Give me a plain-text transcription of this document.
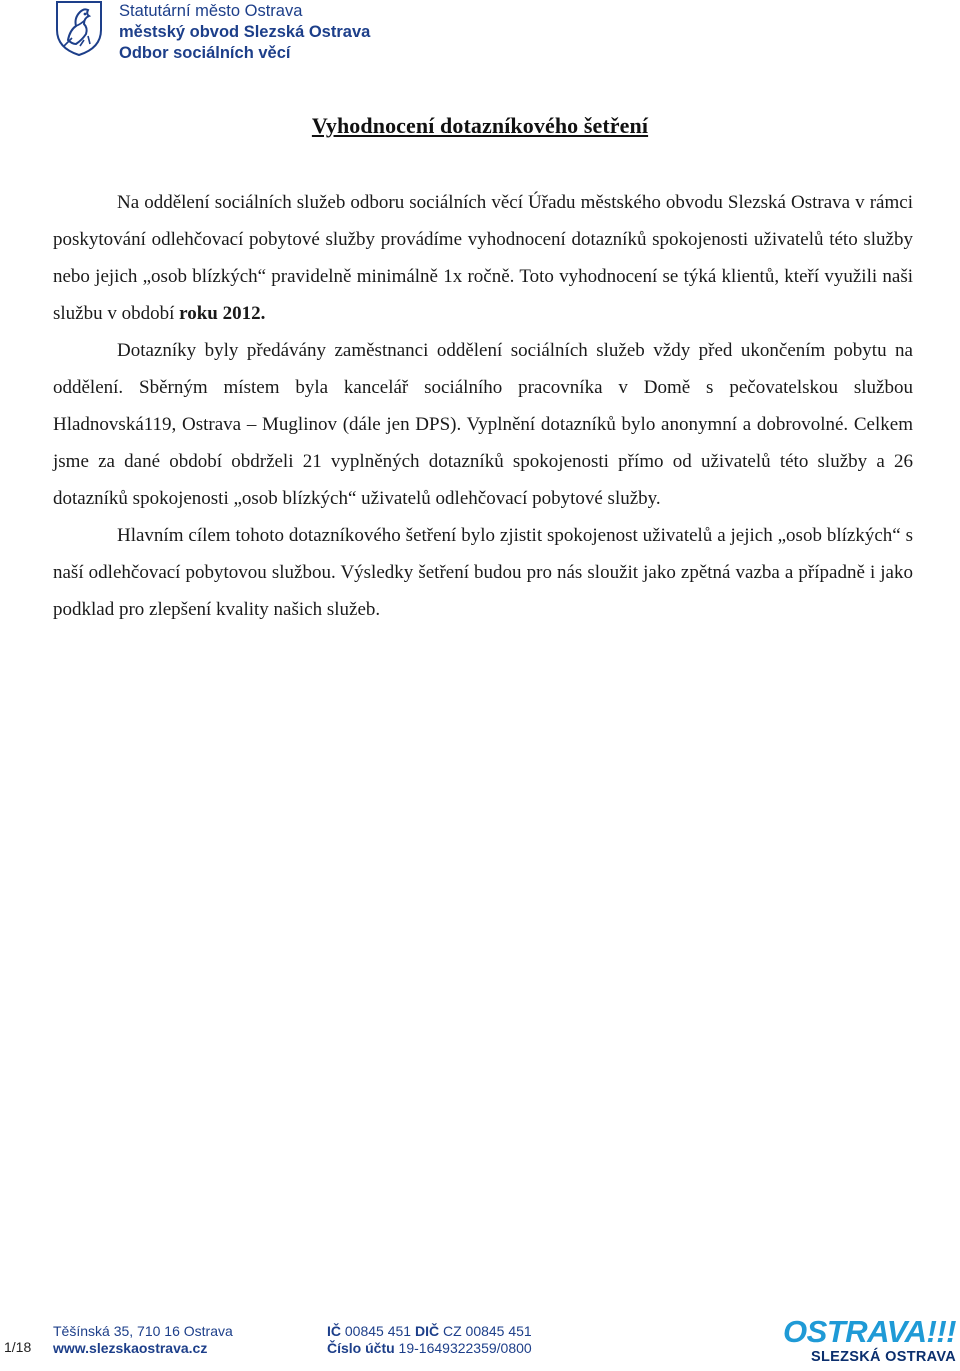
Statutární město Ostrava
městský obvod Slezská Ostrava
Odbor sociálních věcí
Vyhodnocení dotazníkového šetření

Na oddělení sociálních služeb odboru sociálních věcí Úřadu městského obvodu Slezská Ostrava v rámci poskytování odlehčovací pobytové služby provádíme vyhodnocení dotazníků spokojenosti uživatelů této služby nebo jejich „osob blízkých“ pravidelně minimálně 1x ročně. Toto vyhodnocení se týká klientů, kteří využili naši službu v období roku 2012.

Dotazníky byly předávány zaměstnanci oddělení sociálních služeb vždy před ukončením pobytu na oddělení. Sběrným místem byla kancelář sociálního pracovníka v Domě s pečovatelskou službou Hladnovská119, Ostrava – Muglinov (dále jen DPS). Vyplnění dotazníků bylo anonymní a dobrovolné. Celkem jsme za dané období obdrželi 21 vyplněných dotazníků spokojenosti přímo od uživatelů této služby a 26 dotazníků spokojenosti „osob blízkých“ uživatelů odlehčovací pobytové služby.

Hlavním cílem tohoto dotazníkového šetření bylo zjistit spokojenost uživatelů a jejich „osob blízkých“ s naší odlehčovací pobytovou službou. Výsledky šetření budou pro nás sloužit jako zpětná vazba a případně i jako podklad pro zlepšení kvality našich služeb.

1/18
Těšínská 35, 710 16 Ostrava
www.slezskaostrava.cz
IČ 00845 451 DIČ CZ 00845 451
Číslo účtu 19-1649322359/0800	OSTRAVA!!!
SLEZSKÁ OSTRAVA
